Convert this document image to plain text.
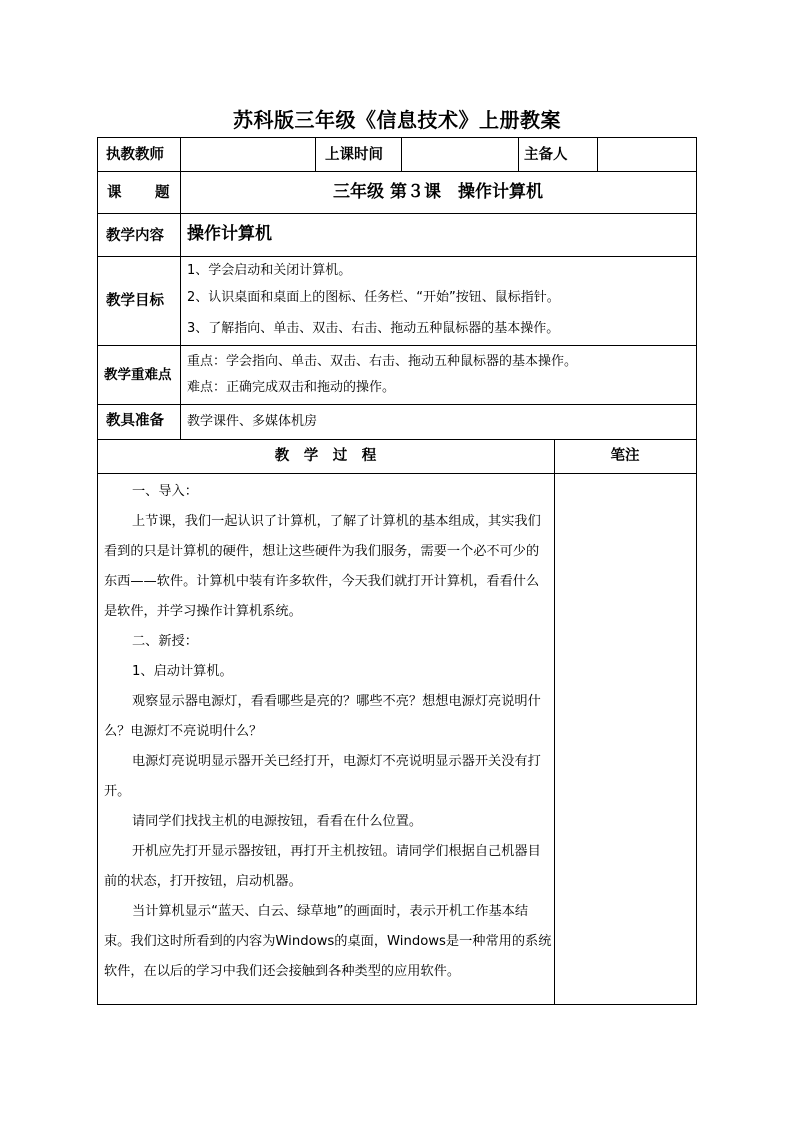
苏科版三年级《信息技术》上册教案
执教教师	上课时间	主备人
课 题	三年级 第３课　操作计算机
教学内容 操作计算机
教学目标
1、学会启动和关闭计算机。
2、认识桌面和桌面上的图标、任务栏、“开始”按钮、鼠标指针。
3、了解指向、单击、双击、右击、拖动五种鼠标器的基本操作。
教学重难点
重点：学会指向、单击、双击、右击、拖动五种鼠标器的基本操作。
难点：正确完成双击和拖动的操作。
教具准备 教学课件、多媒体机房
教　学　过　程	笔注

一、导入：

上节课，我们一起认识了计算机，了解了计算机的基本组成，其实我们看到的只是计算机的硬件，想让这些硬件为我们服务，需要一个必不可少的东西——软件。计算机中装有许多软件，今天我们就打开计算机，看看什么是软件，并学习操作计算机系统。

二、新授：

1、启动计算机。

观察显示器电源灯，看看哪些是亮的？哪些不亮？想想电源灯亮说明什么？电源灯不亮说明什么？

电源灯亮说明显示器开关已经打开，电源灯不亮说明显示器开关没有打开。

请同学们找找主机的电源按钮，看看在什么位置。

开机应先打开显示器按钮，再打开主机按钮。请同学们根据自己机器目前的状态，打开按钮，启动机器。

当计算机显示“蓝天、白云、绿草地”的画面时，表示开机工作基本结束。我们这时所看到的内容为Windows的桌面，Windows是一种常用的系统软件，在以后的学习中我们还会接触到各种类型的应用软件。
